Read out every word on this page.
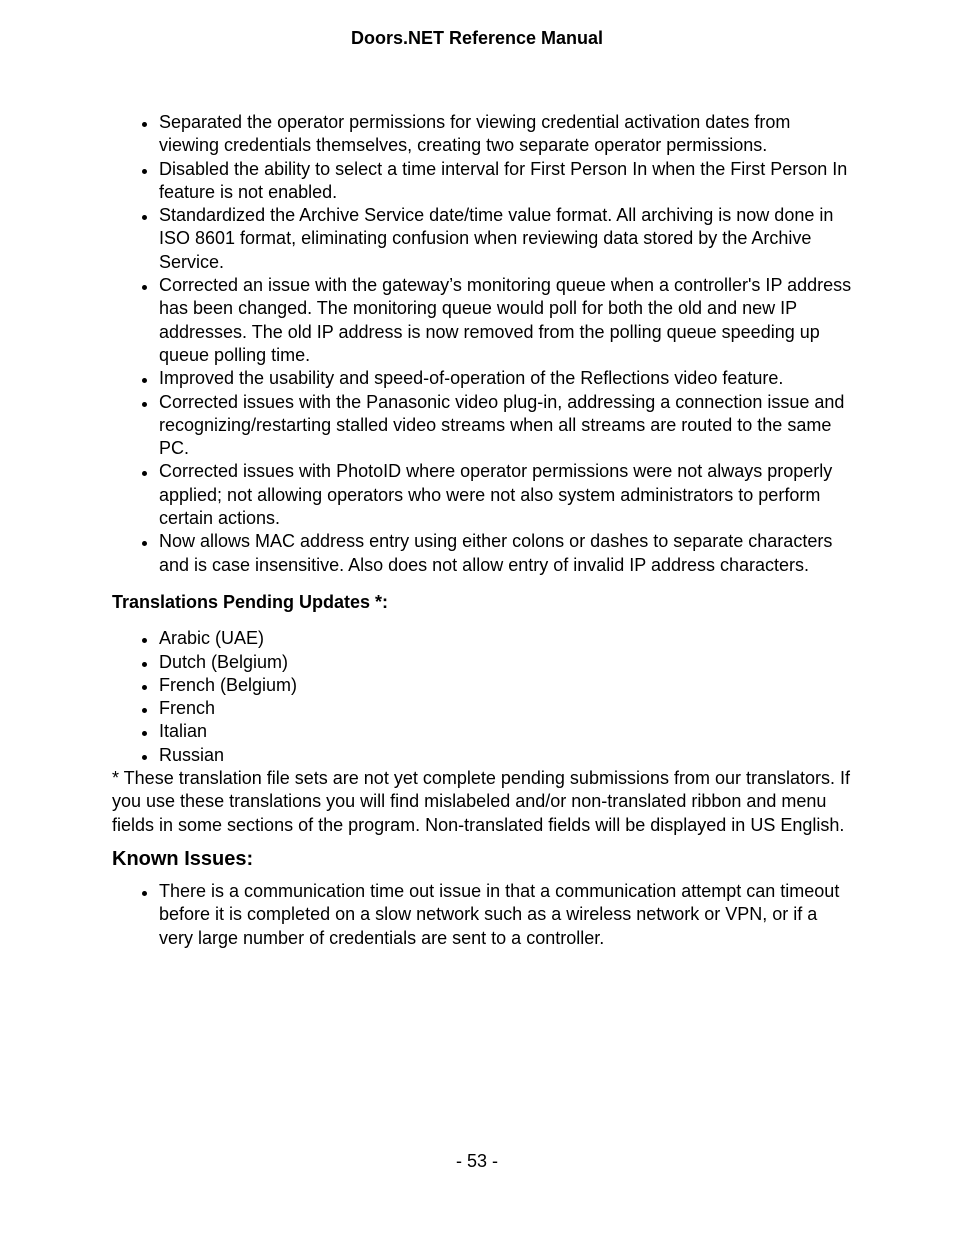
Doors.NET Reference Manual
Separated the operator permissions for viewing credential activation dates from viewing credentials themselves, creating two separate operator permissions.
Disabled the ability to select a time interval for First Person In when the First Person In feature is not enabled.
Standardized the Archive Service date/time value format. All archiving is now done in ISO 8601 format, eliminating confusion when reviewing data stored by the Archive Service.
Corrected an issue with the gateway’s monitoring queue when a controller's IP address has been changed. The monitoring queue would poll for both the old and new IP addresses. The old IP address is now removed from the polling queue speeding up queue polling time.
Improved the usability and speed-of-operation of the Reflections video feature.
Corrected issues with the Panasonic video plug-in, addressing a connection issue and recognizing/restarting stalled video streams when all streams are routed to the same PC.
Corrected issues with PhotoID where operator permissions were not always properly applied; not allowing operators who were not also system administrators to perform certain actions.
Now allows MAC address entry using either colons or dashes to separate characters and is case insensitive. Also does not allow entry of invalid IP address characters.
Translations Pending Updates *:
Arabic (UAE)
Dutch (Belgium)
French (Belgium)
French
Italian
Russian
* These translation file sets are not yet complete pending submissions from our translators. If you use these translations you will find mislabeled and/or non-translated ribbon and menu fields in some sections of the program. Non-translated fields will be displayed in US English.
Known Issues:
There is a communication time out issue in that a communication attempt can timeout before it is completed on a slow network such as a wireless network or VPN, or if a very large number of credentials are sent to a controller.
- 53 -
